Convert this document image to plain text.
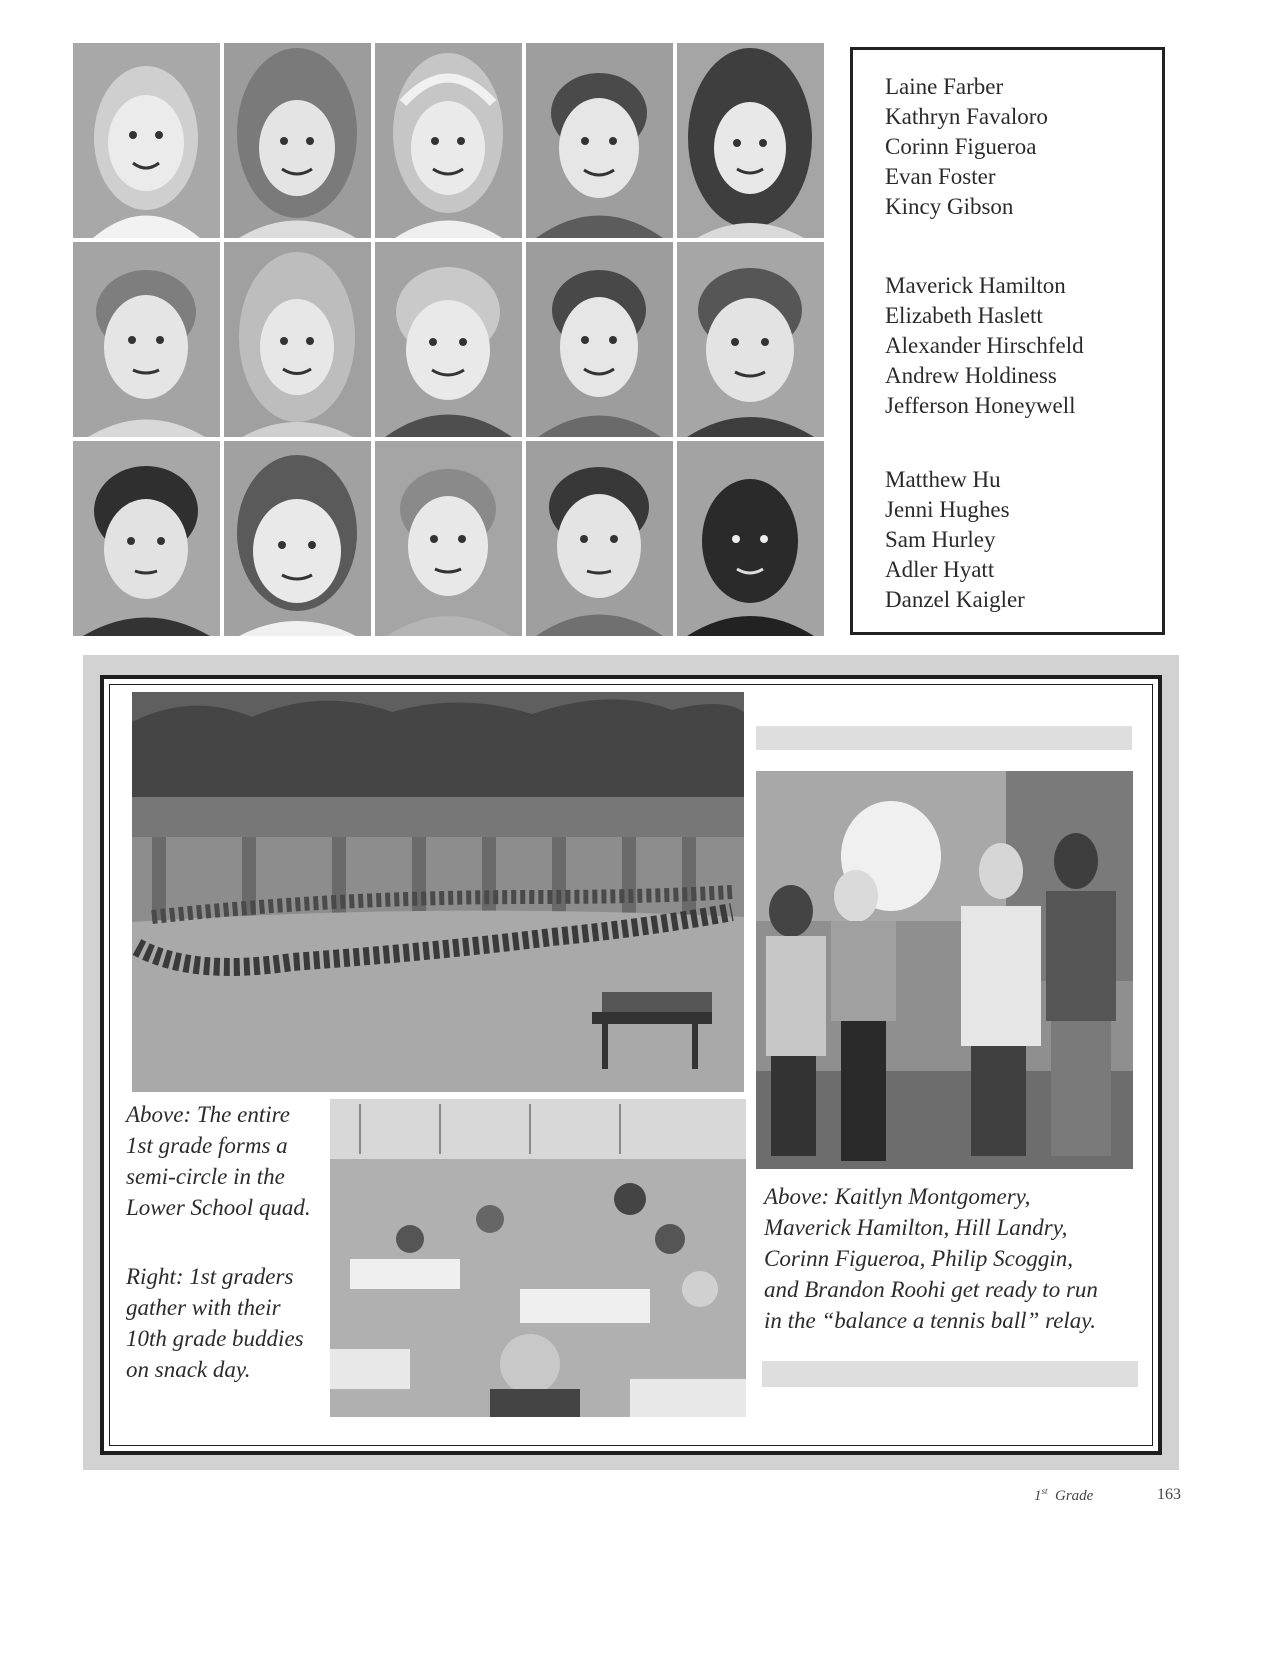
Laine Farber
Kathryn Favaloro
Corinn Figueroa
Evan Foster
Kincy Gibson
Maverick Hamilton
Elizabeth Haslett
Alexander Hirschfeld
Andrew Holdiness
Jefferson Honeywell
Matthew Hu
Jenni Hughes
Sam Hurley
Adler Hyatt
Danzel Kaigler
Above: The entire
1st grade forms a
semi-circle in the
Lower School quad.
Right: 1st graders
gather with their
10th grade buddies
on snack day.
Above: Kaitlyn Montgomery,
Maverick Hamilton, Hill Landry,
Corinn Figueroa, Philip Scoggin,
and Brandon Roohi get ready to run
in the “balance a tennis ball” relay.
1st Grade	163
